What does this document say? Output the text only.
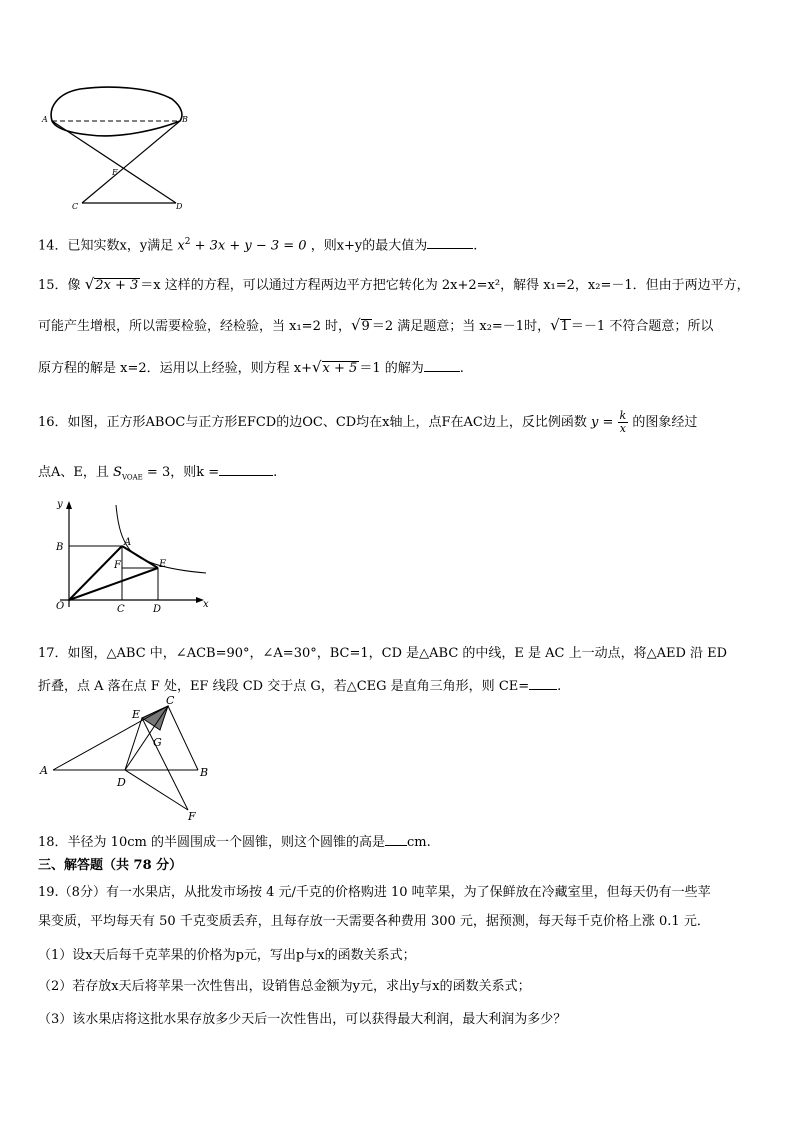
A	B
E
C	D
14．已知实数x，y满足 $x^2 + 3x + y - 3 = 0$ ，则x+y的最大值为	.
15．像 √2x + 3 ＝x 这样的方程，可以通过方程两边平方把它转化为 2x+2=x²，解得 x₁=2，x₂=－1．但由于两边平方，
可能产生增根，所以需要检验，经检验，当 x₁=2 时，√9 ＝2 满足题意；当 x₂=－1时，√1 ＝－1 不符合题意；所以
原方程的解是 x=2．运用以上经验，则方程 x+√x + 5 ＝1 的解为	.
16．如图，正方形ABOC与正方形EFCD的边OC、CD均在x轴上，点F在AC边上，反比例函数 $y = \frac{k}{x}$ 的图象经过
点A、E，且 $S_{VOAE} = 3$，则k =	.
y
x
O
B	A
F	E
C	D
17．如图，△ABC 中，∠ACB=90°，∠A=30°，BC=1，CD 是△ABC 的中线，E 是 AC 上一动点，将△AED 沿 ED
折叠，点 A 落在点 F 处，EF 线段 CD 交于点 G，若△CEG 是直角三角形，则 CE= .
E
C
G
A
D
B
F
18．半径为 10cm 的半圆围成一个圆锥，则这个圆锥的高是 cm.
三、解答题（共 78 分）
19.（8分）有一水果店，从批发市场按 4 元/千克的价格购进 10 吨苹果，为了保鲜放在冷藏室里，但每天仍有一些苹
果变质，平均每天有 50 千克变质丢弃，且每存放一天需要各种费用 300 元，据预测，每天每千克价格上涨 0.1 元．
（1）设x天后每千克苹果的价格为p元，写出p与x的函数关系式；
（2）若存放x天后将苹果一次性售出，设销售总金额为y元，求出y与x的函数关系式；
（3）该水果店将这批水果存放多少天后一次性售出，可以获得最大利润，最大利润为多少？
